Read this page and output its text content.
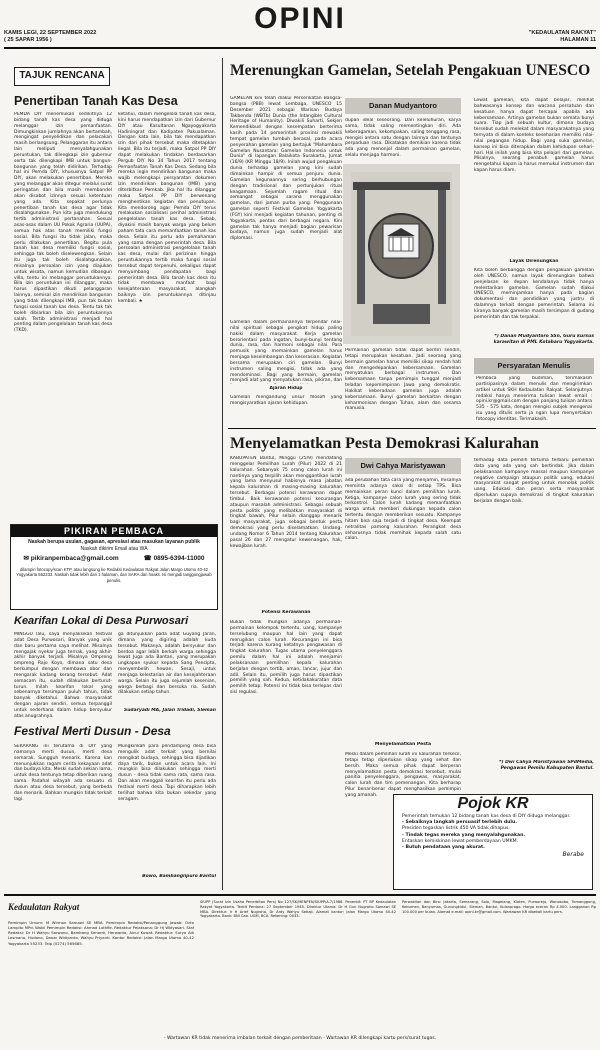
KAMIS LEGI, 22 SEPTEMBER 2022
( 25 SAPAR 1956 )
OPINI	"KEDAULATAN RAKYAT"
HALAMAN 11
TAJUK RENCANA
Penertiban Tanah Kas Desa
PEMDA DIY menemukan sedikitnya 12 bidang tanah kas desa yang diduga melanggar izin pemanfaatan. Dimungkinkan jumlahnya akan bertambah, mengingat penyelidikan dan pelacakan masih berlangsung. Pelanggaran itu antara lain meliputi menyalahgunakan peruntukan, tak dilengkapi izin gubernur serta tak dilengkapi IMB untuk bangun-bangunan yang telah didirikan. Terhadap hal ini Pemda DIY, khususnya Satpol PP DIY, akan melakukan penertiban. Mereka yang melanggar akan ditegur melalui surat peringatan dan bila masih membandel akan disabot izinnya sesuai ketentuan yang ada. Kita sepakat perlunya penertiban tanah kas desa agar tidak disalahgunakan. Pun kita juga mendukung tertib administrasi pertanahan. Sesuai asas-asas dalam UU Pokok Agraria (UUPA), semua hak atas tanah memiliki fungsi sosial. Bila fungsi itu tidak jalan, maka perlu dilakukan penertiban. Begitu pula tanah kas desa memiliki fungsi sosial, sehingga tak boleh diselewengkan. Selain itu juga tak boleh disalahgunakan, misalnya persoalan izin yang diajukan untuk wisata, namun kemudian dibangun villa, tentu ini melanggar peruntukannya. Bila izin peruntukan ini dilanggar, maka harus dipastikan dikuti pelanggaran lainnya, semisal izin mendirikan bangunan yang tidak dilengkapi IMB, pun tak bukan fungsi sosial tanah kas desa. Tentu tak tak boleh dibiarkan bila izin peruntukannya salah. Tertib administrasi menjadi hal penting dalam pengelolaan tanah kas desa (TKD).
ketahui, dalam mengelola tanah kas desa, kini harus mendapatkan izin dari Gubernur DIY atau Kasultanan Ngayogyakarta Hadiningrat dan Kadipaten Pakualaman. Dengan kata lain, bila tak mendapatkan izin dari pihak tersebut maka ditetapkan ilegal. Bila itu terjadi, maka Satpol PP DIY dapat melakukan tindakan berdasarkan Pergub DIY No 34 Tahun 2017 tentang Pemanfaatan Tanah Kas Desa. Sedang bila mereka ingin mendirikan bangunan maka wajib melengkapi persyaratan dokumen izin mendirikan bangunan (IMB) yang diterbitkan Pemkab. Jika hal itu dilanggar maka Satpol PP DIY berwenang menghentikan kegiatan dan penutupan. Kita mendorong agar Pemda DIY terus melakukan sosialisasi perihal administrasi pengelolaan tanah kas desa. Sebab, diyakini masih banyak warga yang belum paham tata cara memanfaatkan tanah kas desa. Selain itu perlu ada pemahaman yang sama dengan pemerintah desa. Bila persoalan administrasi pengelolaan tanah kas desa, mulai dari perizinan hingga peruntukannya tertib maka fungsi sosial tersebut dapat terpenuhi, sekaligus dapat menyumbang pendapatan bagi pemerintah desa. Bila tanah kas desa itu tidak membawa manfaat bagi kesejahteraan masyarakat, alangkah baiknya izin peruntukannya ditinjau kembali. ★
PIKIRAN PEMBACA
Naskah berupa usulan, gagasan, apresiasi atau masukan layanan publik
Naskah dikirim Email atau WA
✉ pikiranpembaca@gmail.com	☎ 0895-6394-11000
dilampiri fotocopy/scan KTP, atau langsung ke Redaksi Kedaulatan Rakyat Jalan Margo Utomo 40-42 Yogyakarta 552233. Naskah tidak lebih dari 1 halaman, dan SARA dan hoaks. Isi menjadi tanggungjawab penulis.
Kearifan Lokal di Desa Purwosari
MINGGU lalu, saya menyaksikan festival adat Desa Purwosari, Banyak yang unik dan baru pertama saya melihat. Misalnya mengajak nyekar juga ternak, yang akhir-akhir banyak terjadi. Misalnya Ompreng ompreng Rajo Koyo, dimana satu desa berkumpul dengan membawa obor dan mengarak kadang kerang tersebut. Adat semacam itu, sudah dilakukan berturut-turun. Inilah kearifan lokal yang sebenarnya tersimpan puluh tahun, tidak banyak diketahui. Bahwa masyarakat dengan ajaran sendiri, semua terpanggil untuk sederhana dalam hidup bersyukur atas anugrahnya.
ga ditunjukkan pada adat Guyang Jaran, dimana yang digiring adalah kuda tersebut. Makanya, adalah bersyukur dan berdoa agar lebih berkah warga sehingga lewat Juga ada Bantan, yang merupakan ungkapan syukur kepada Sang Pencipta, menyembelih hewan, Sesaji, untuk menjaga kelestarian air dan kesejahteraan warga. Selain itu juga sejumlah kesenian, warga berbagi dan bersuka ria. Sudah dilakukan setiap tahun.
Sudaryadi MA, Jalan Tridadi, Sleman
Festival Merti Dusun - Desa
SEKARANG ini terutama di DIY yang namanya merti dusun, merti desa semarak. Sungguh menarik. Karena kan menunjukkan ragam cerita kekayaan adat dan budaya kita. Meski sudah sekian lama, untuk desa tentunya tetap diberikan ruang sama. Padahal wilayah ada sesuatu di dusun atau desa tersebut, yang berbeda dan menarik. Bahkan mungkin tidak terkait lagi.
Mungkinkah para pendamping desa bisa mengulik adat terkait yang bernilai mengikat budaya, sehingga bisa dijadikan daya tarik, bukan untuk acara lain. Ini mungkin bisa dilakukan sehingga merti dusun - desa tidak sama rata, sama rasa. Dan akan menggali kearifan itu perlu ada festival merti desa. Tapi diharapkan lebih terlihat bahwa kita bukan sekedar yang seragam.
Bowo, Bambanglipuro Bantul
Merenungkan Gamelan, Setelah Pengakuan UNESCO
GAMELAN kini telah diakui Perserikatan Bangsa-bangsa (PBB) lewat Lembaga, UNESCO 15 Desember 2021 sebagai Warisan Budaya Takbenda (WBTb) Dunia (the Intangible Cultural Heritage of Humanity). Diwakili Suharti, Sekjen Kemendikbud dengan kesempatan berterima kasih pada 14 pemerintah provinsi mewakili tempat gamelan tumbuh berasal, pada acara penyerahan gamelan yang bertajuk "Mahambara Gamelan Nusantara: Gamelan Indonesia untuk Dunia" di lapangan Balaikota Surakarta, Jumat (16/9) (KR Minggu 18/9). Inilah wujud pengakuan dunia terhadap gamelan yang kini sudah dimainkan hampir di semua penjuru dunia. Gamelan kegunaannya sering berhubungan dengan tradisional dan pertunjukan ritual keagamaan. Sejumlah ragam ritual dan semangat sebagai sarana menggunakan gamelan, dari jaman purba yang. Penggunaan gamelan seperti Festival Gamelan Yogyakarta (FGY) kini menjadi kegiatan tahunan, penting di Yogyakarta, pentas dari berbagai negara. Kini gamelan tak hanya menjadi bagian pewarisan budaya, namun juga sudah menjadi alat diplomasi.
Gamelan dalam permainannya terpendar nilai-nilai spiritual sebagai pengikat hidup paling hakiki dalam masyarakat. Kerja gamelan berorientasi pada ingatan, bunyi-bunyi tentang dunia, rasa, dan harmoni sebagai nilai. Para pemusik yang memainkan gamelan harus menjaga keseimbangan dan keserasian. Kegiatan bersama merupakan ciri gamelan. Bunyi instrumen saling mengisi, tidak ada yang mendominasi. Bagi yang bermain, gamelan menjadi alat yang menyatukan rasa, pikiran, dan
Ajaran Hidup
Gamelan mengandung unsur filosofi yang mengisyaratkan ajaran kehidupan.
Danan Mudyantoro
dupan ideal seseorang. Dari keleluhuran, karya sama, tidak saling mementingkan diri. Ada keberagaman, kekompakan, saling tenggang rasa, mengisi antara satu dengan lainnya dan tentunya perpaduan rasa. Dikatakan demikian karena tidak ada yang menonjol dalam permainan gamelan, selalu menjaga harmoni.
Permainan gamelan tidak dapat berdiri sendiri, tetapi merupakan kesatuan. Jadi seorang yang bermain gamelan harus memiliki sikap rendah hati dan mengedepankan kebersamaan. Gamelan menyatukan berbagai instrumen. Dan kebersamaan tanpa pemimpin tunggal menjadi teladan kepemimpinan Jawa yang demokratis. Hakikat keberadaan gamelan juga adalah kebersamaan. Bunyi gamelan berkaitan dengan keharmonisan dengan Tuhan, alam dan sesama manusia.
Lewat gamelan, kita dapat belajar, melihat bahwasanya konsep dan wacana persatuan dan kesatuan hanya dapat tercapai apabila ada kebersamaan. Artinya gamelan bukan semata bunyi suara. Tiap jadi sebuah kultur, dimana budaya tersebut sudah melekat dalam masyarakatnya yang ternyata di dalam konteks keseharian memiliki nilai-nilai pegangan hidup. Bagi yang suka gamelan, konsep ini bisa diterapkan dalam kehidupan sehari-hari. Hal inilah yang bisa kita pelajari dari gamelan. Misalnya, seorang penabuh gamelan harus mengetahui kapan ia harus memukul instrumen dan kapan harus diam.
Layak Direnungkan
Kita boleh berbangga dengan pengakuan gamelan oleh UNESCO, namun layak direnungkan bahwa penjelasan ke depan kendalanya tidak hanya melestarikan gamelan. Gamelan sudah diakui UNESCO, meminjamkan hanya pada bagian dokumentasi dan pendidikan yang justru di dalamnya terkait dengan pemerintah. Selama ini kiranya banyak gamelan masih tersimpan di gudang pemerintah dan tak terpakai.
*) Danan Mudyantoro SSn, Guru kursus karawitan di PML Kotabaru Yogyakarta.
Persyaratan Menulis
Pembaca yang budiman, terimakasih partisipasinya dalam menulis dan mengirimkan artikel untuk SKH Kedaulatan Rakyat. Selanjutnya redaksi hanya menerima tulisan lewat email : opini.kr@gmail.com dengan panjang tulisan antara 535 - 575 kata, dengan mengisi subjek mengenai isu yang ditulis serta ja ngan lupa menyertakan fotocopy identitas. Terimakasih.
Menyelamatkan Pesta Demokrasi Kalurahan
KABUPATEN Bantul, Minggu (25/9) mendatang menggelar Pemilihan Lurah (Pilur) 2022 di 21 kalurahan. Sebanyak 75 orang calon lurah ini nantinya yang terpilih akan menggantikan lurah yang lama menyusul habisnya masa jabatan kepala kalurahan di masing-masing kalurahan tersebut. Berbagai potensi kerawanan dapat timbul. Baik kerawanan potensi kecurangan ataupun masalah administrasi. Sebagai sebuah pesta politik yang melibatkan masyarakat di tingkat bawah, Pilur selain dianggap menarik bagi masyarakat, juga sebagai bentuk pesta demokrasi yang perlu diselamatkan. Undang-undang Nomor 6 Tahun 2014 tentang Kalurahan pasal 26 dan 27 mengatur kewenangan, hak, kewajiban lurah.
Potensi Kerawanan
Bukan tidak mungkin adanya permainan-permainan kelompok tertentu, uang, kampanye terselubung maupun hal lain yang dapat merugikan calon lurah. Kecurangan ini bisa terjadi karena kurang ketatnya pengawasan di tingkat kalurahan. Tugas utama penyelenggara pemilu dalam hal ini adalah menjamin pelaksanaan pemilihan kepala kalurahan berjalan dengan tertib, aman, lancar, jujur dan adil. Selain itu, pemilih juga harus dipastikan pemilih yang sah. Kedua, ketidakakuratan data pemilih tetap. Potensi ini tidak bisa terlepas dari sisi regulasi.
Dwi Cahya Maristyawan
ada perubahan tata cara yang menjamin, misalnya meminta adanya saksi di setiap TPS. Bisa memainkan peran kunci dalam pemilihan lurah. Ketiga, kampanye calon lurah yang sering tidak terkontrol. Calon lurah kadang memanfaatkan warga untuk memberi dukungan kepada calon tertentu dengan memberikan sesuatu. Kampanye hitam bisa saja terjadi di tingkat desa. Keempat netralitas pamong kalurahan. Perangkat desa seharusnya tidak memihak kepada salah satu calon.
Menyelamatkan Pesta
Meski dalam pemilihan lurah ini kalurahan terkecil, tetapi tetap diperlukan sikap yang sehat dan bersih. Maka semua pihak dapat berperan menyelamatkan pesta demokrasi tersebut, mulai panitia penyelenggara, pengawas, masyarakat, calon lurah dan tim pemenangan. Kita berharap Pilur benar-benar dapat menghasilkan pemimpin yang amanah.
terhadap data pemilih tertuma terbaru pemilihan data yang ada yang sah bertindak. Jika dalam pelaksanaan kampanye massal maupun kampanye negative campaign ataupun politik uang, edukasi masyarakat sangat penting untuk menolak politik uang. Edukasi dan peran serta masyarakat diperlukan supaya demokrasi di tingkat kalurahan berjalan dengan baik.
*) Dwi Cahya Maristyawan SPdMedia, Pengawas Pemilu Kabupaten Bantul.
Pojok KR
Pemerintah temukan 12 bidang tanah kas desa di DIY diduga melanggar.
- Sebaiknya langkah persuasif terlebih dulu.
Presiden tegaskan listrik 450 VA tidak dihapus.
- Tindak tegas mereka yang menyalahgunakan.
Entaskan kemiskinan lewat pemberdayaan UMKM.
- Butuh pendataan yang akurat.
Berabe
Kedaulatan Rakyat
Pemimpin Umum: M Wirmon Samawi SE MBA. Pemimpin Redaksi/Penanggung Jawab: Octo Lampito MPd. Wakil Pemimpin Redaksi: Ahmad Luthfie. Redaktur Pelaksana: Dr Hj Widyasari. Staf Redaksi: Dr H Wahyu Sarwono, Bambang Senardi, Herwanto, Ainul Kuwat. Redaktur: Surya Adi Lesmana, Hudono, Danar Widiyanto, Wahyu Priyanti. Kantor Redaksi: Jalan Margo Utomo 40-42 Yogyakarta 55233. Telp (0274) 565685.
SIUPP (Surat Izin Usaha Penerbitan Pers) No 127/SK/MENPEN/SIUPP/A.7/1986. Penerbit: PT BP Kedaulatan Rakyat Yogyakarta. Terbit Perdana: 27 September 1945. Direktur Utama: Dr H Gun Nugroho Samawi SE MBA. Direktur: Ir H Arief Nugroho, Dr Ardy Wahyu Setiaji. Alamat kantor: Jalan Margo Utomo 40-42 Yogyakarta. Bank: BNI Cab. UGM, BCA. Rekening: 0033.
Perwakilan dan Biro: Jakarta, Semarang, Solo, Magelang, Klaten, Purworejo, Wonosobo, Temanggung, Kebumen, Banyumas, Gunungkidul, Sleman, Bantul, Kulonprogo. Harga eceran Rp 4.000. Langganan Rp 100.000 per bulan. Alamat e-mail: opini.kr@gmail.com. Wartawan KR dibekali kartu pers.
- Wartawan KR tidak menerima imbalan terkait dengan pemberitaan - Wartawan KR dilengkapi kartu pers/surat tugas.
